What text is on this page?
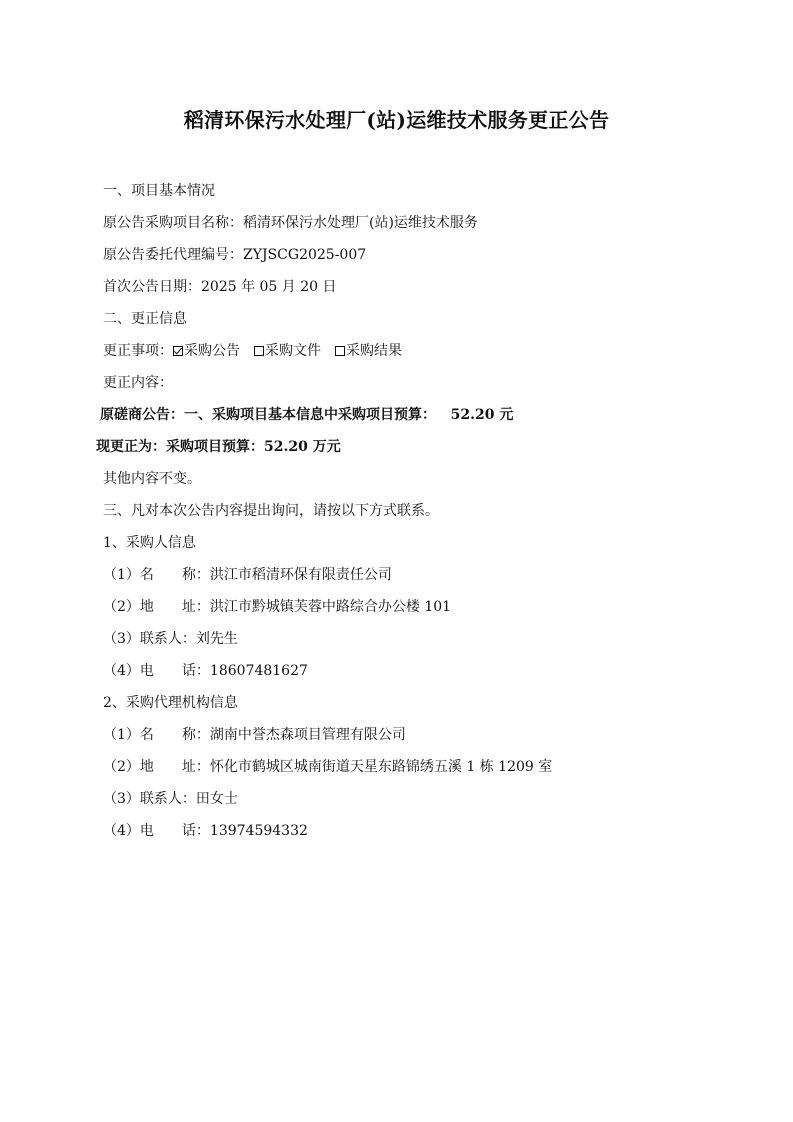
稻清环保污水处理厂(站)运维技术服务更正公告
一、项目基本情况
原公告采购项目名称：稻清环保污水处理厂(站)运维技术服务
原公告委托代理编号：ZYJSCG2025-007
首次公告日期：2025 年 05 月 20 日
二、更正信息
更正事项： 采购公告 采购文件 采购结果
更正内容：
原磋商公告：一、采购项目基本信息中采购项目预算：   52.20 元
现更正为：采购项目预算：52.20 万元
其他内容不变。
三、凡对本次公告内容提出询问，请按以下方式联系。
1、采购人信息
（1）名　　称：洪江市稻清环保有限责任公司
（2）地　　址：洪江市黔城镇芙蓉中路综合办公楼 101
（3）联系人：刘先生
（4）电　　话：18607481627
2、采购代理机构信息
（1）名　　称：湖南中誉杰森项目管理有限公司
（2）地　　址：怀化市鹤城区城南街道天星东路锦绣五溪 1 栋 1209 室
（3）联系人：田女士
（4）电　　话：13974594332
